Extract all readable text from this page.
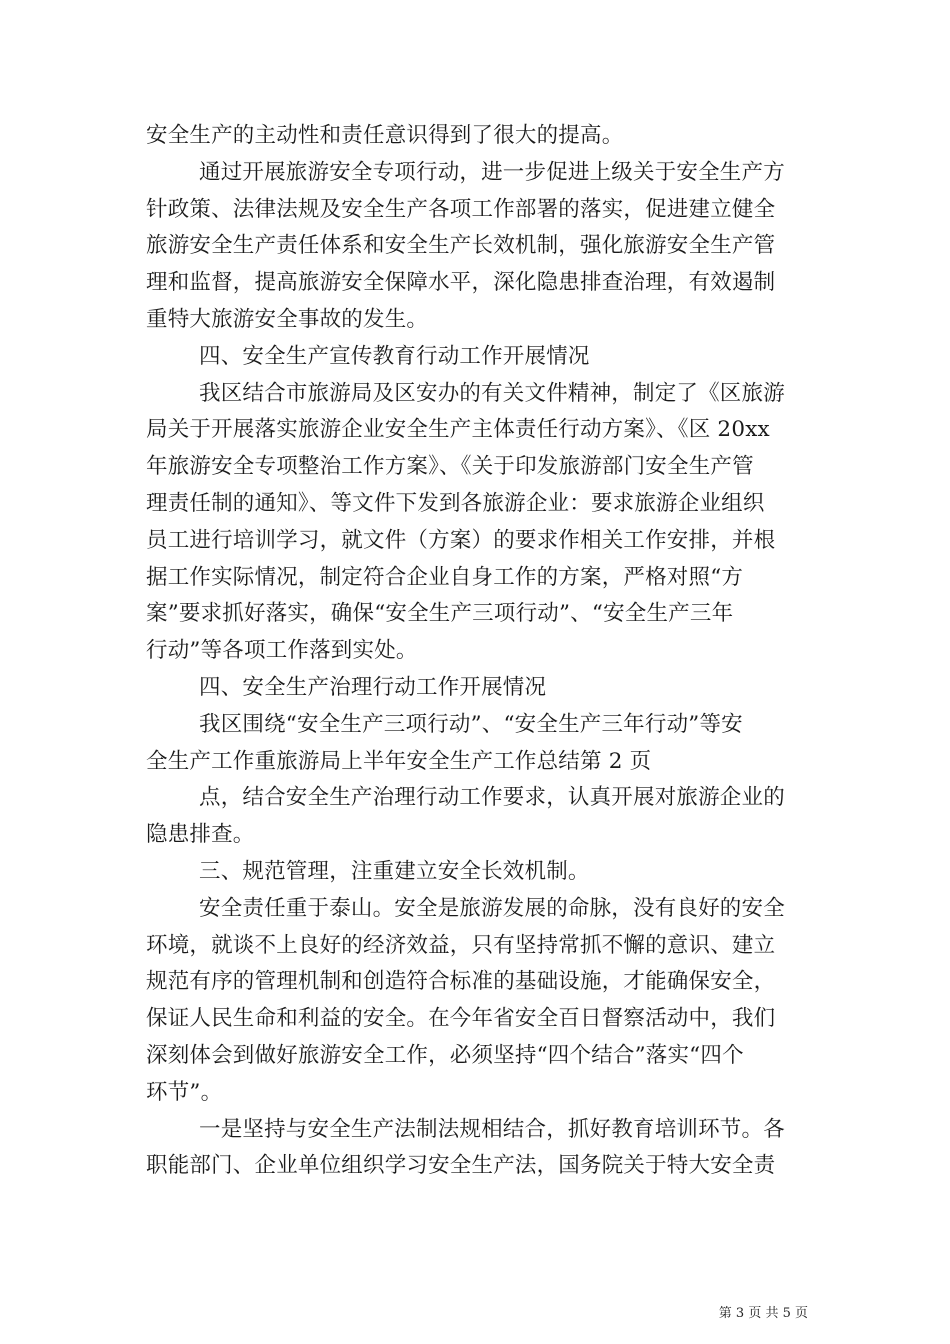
安全生产的主动性和责任意识得到了很大的提高。
通过开展旅游安全专项行动，进一步促进上级关于安全生产方
针政策、法律法规及安全生产各项工作部署的落实，促进建立健全
旅游安全生产责任体系和安全生产长效机制，强化旅游安全生产管
理和监督，提高旅游安全保障水平，深化隐患排查治理，有效遏制
重特大旅游安全事故的发生。
四、安全生产宣传教育行动工作开展情况
我区结合市旅游局及区安办的有关文件精神，制定了《区旅游
局关于开展落实旅游企业安全生产主体责任行动方案》、《区 20xx
年旅游安全专项整治工作方案》、《关于印发旅游部门安全生产管
理责任制的通知》、等文件下发到各旅游企业：要求旅游企业组织
员工进行培训学习，就文件（方案）的要求作相关工作安排，并根
据工作实际情况，制定符合企业自身工作的方案，严格对照“方
案”要求抓好落实，确保“安全生产三项行动”、“安全生产三年
行动”等各项工作落到实处。
四、安全生产治理行动工作开展情况
我区围绕“安全生产三项行动”、“安全生产三年行动”等安
全生产工作重旅游局上半年安全生产工作总结第 2 页
点，结合安全生产治理行动工作要求，认真开展对旅游企业的
隐患排查。
三、规范管理，注重建立安全长效机制。
安全责任重于泰山。安全是旅游发展的命脉，没有良好的安全
环境，就谈不上良好的经济效益，只有坚持常抓不懈的意识、建立
规范有序的管理机制和创造符合标准的基础设施，才能确保安全，
保证人民生命和利益的安全。在今年省安全百日督察活动中，我们
深刻体会到做好旅游安全工作，必须坚持“四个结合”落实“四个
环节”。
一是坚持与安全生产法制法规相结合，抓好教育培训环节。各
职能部门、企业单位组织学习安全生产法，国务院关于特大安全责
第 3 页 共 5 页
